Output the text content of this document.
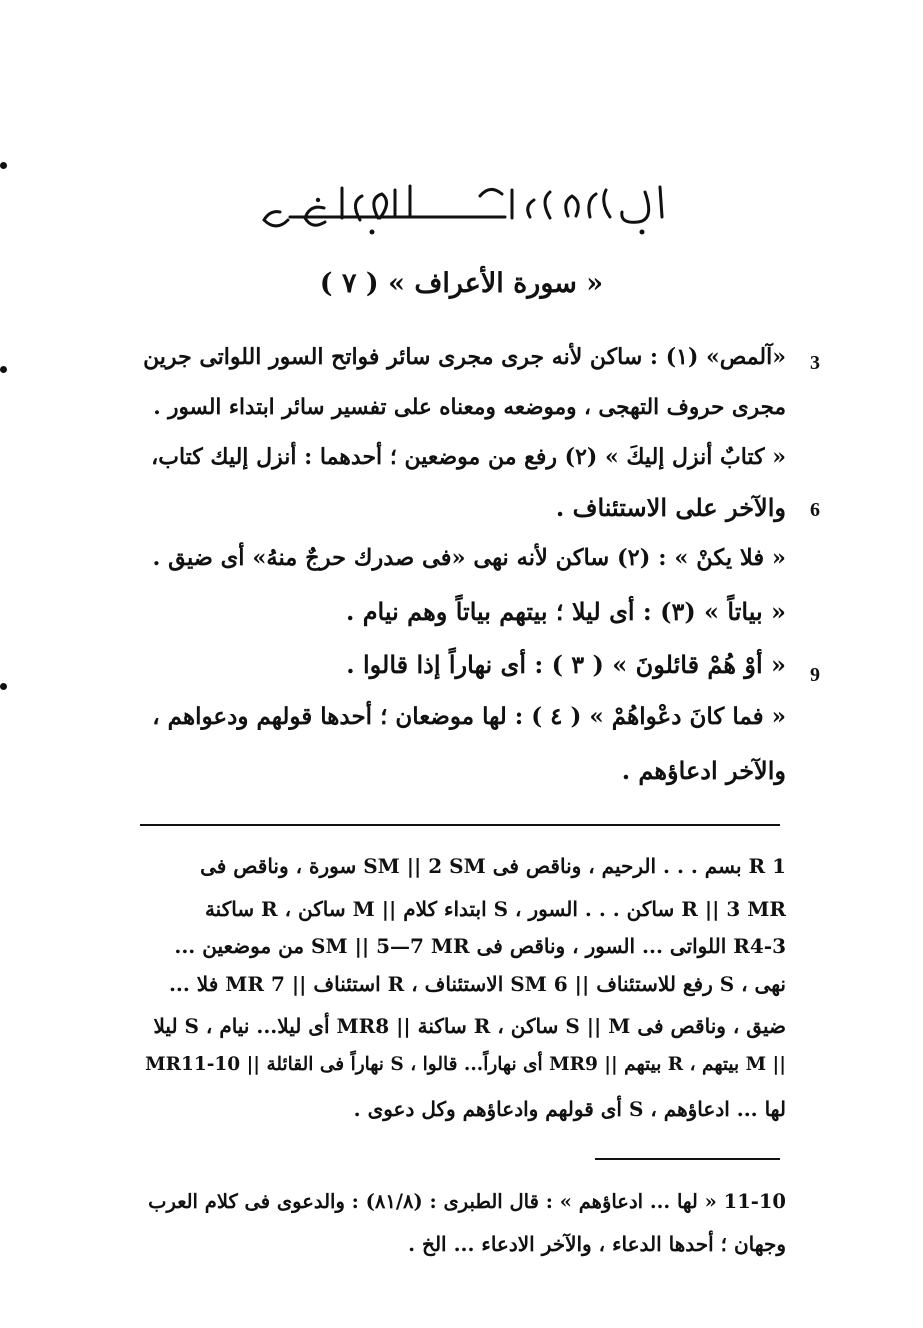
« سورة الأعراف » ( ٧ )
3
«آلمص» (١) : ساكن لأنه جرى مجرى سائر فواتح السور اللواتى جرين
مجرى حروف التهجى ، وموضعه ومعناه على تفسير سائر ابتداء السور .
« كتابٌ أنزل إليكَ » (٢) رفع من موضعين ؛ أحدهما : أنزل إليك كتاب،
6
والآخر على الاستئناف .
« فلا يكنْ » : (٢) ساكن لأنه نهى «فى صدرك حرجٌ منهُ» أى ضيق .
« بياتاً » (٣) : أى ليلا ؛ بيتهم بياتاً وهم نيام .
9
« أوْ هُمْ قائلونَ » ( ٣ ) : أى نهاراً إذا قالوا .
« فما كانَ دعْواهُمْ » ( ٤ ) : لها موضعان ؛ أحدها قولهم ودعواهم ،
والآخر ادعاؤهم .
1 R بسم . . . الرحيم ، وناقص فى SM || 2 SM سورة ، وناقص فى
R || 3 MR ساكن . . . السور ، S ابتداء كلام || M ساكن ، R ساكنة
R4-3 اللواتى ... السور ، وناقص فى SM || 5—7 MR من موضعين ...
نهى ، S رفع للاستئناف || 6 SM الاستئناف ، R استئناف || 7 MR فلا ...
ضيق ، وناقص فى S || M ساكن ، R ساكنة || MR8 أى ليلا... نيام ، S ليلا
|| M بيتهم ، R بيتهم || MR9 أى نهاراً... قالوا ، S نهاراً فى القائلة || MR11-10
لها ... ادعاؤهم ، S أى قولهم وادعاؤهم وكل دعوى .
11-10 « لها ... ادعاؤهم » : قال الطبرى : (٨١/٨) : والدعوى فى كلام العرب
وجهان ؛ أحدها الدعاء ، والآخر الادعاء ... الخ .
